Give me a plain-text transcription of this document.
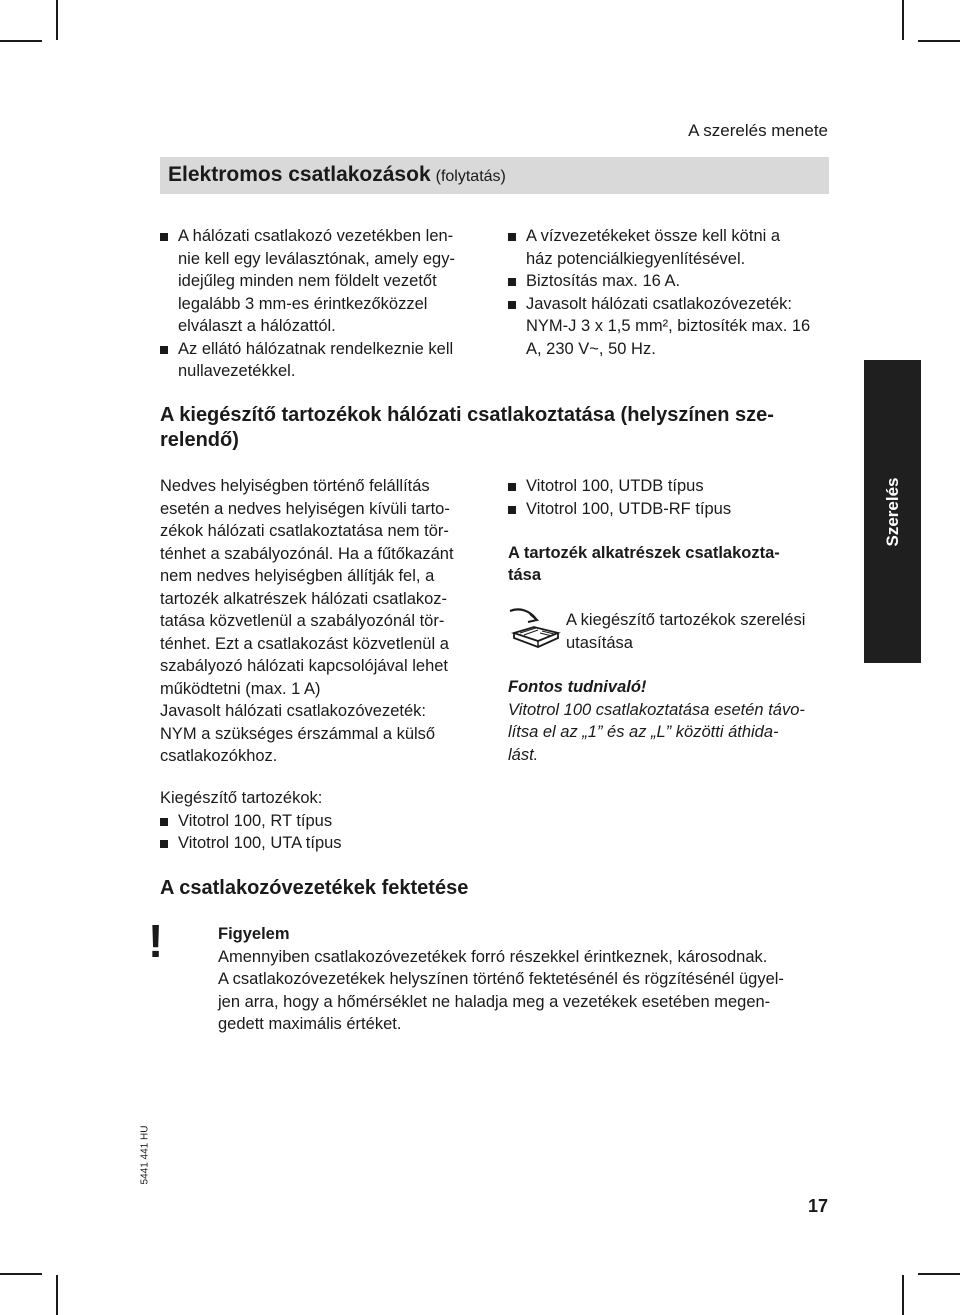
A szerelés menete
Elektromos csatlakozások (folytatás)
A hálózati csatlakozó vezetékben len-
nie kell egy leválasztónak, amely egy-
idejűleg minden nem földelt vezetőt
legalább 3 mm-es érintkezőközzel
elválaszt a hálózattól.
Az ellátó hálózatnak rendelkeznie kell
nullavezetékkel.
A vízvezetékeket össze kell kötni a
ház potenciálkiegyenlítésével.
Biztosítás max. 16 A.
Javasolt hálózati csatlakozóvezeték:
NYM-J 3 x 1,5 mm², biztosíték max. 16
A, 230 V~, 50 Hz.
A kiegészítő tartozékok hálózati csatlakoztatása (helyszínen sze-
relendő)
Nedves helyiségben történő felállítás
esetén a nedves helyiségen kívüli tarto-
zékok hálózati csatlakoztatása nem tör-
ténhet a szabályozónál. Ha a fűtőkazánt
nem nedves helyiségben állítják fel, a
tartozék alkatrészek hálózati csatlakoz-
tatása közvetlenül a szabályozónál tör-
ténhet. Ezt a csatlakozást közvetlenül a
szabályozó hálózati kapcsolójával lehet
működtetni (max. 1 A)
Javasolt hálózati csatlakozóvezeték:
NYM a szükséges érszámmal a külső
csatlakozókhoz.
Kiegészítő tartozékok:
Vitotrol 100, RT típus
Vitotrol 100, UTA típus
Vitotrol 100, UTDB típus
Vitotrol 100, UTDB-RF típus
A tartozék alkatrészek csatlakozta-
tása
A kiegészítő tartozékok szerelési
utasítása
Fontos tudnivaló!
Vitotrol 100 csatlakoztatása esetén távo-
lítsa el az „1” és az „L” közötti áthida-
lást.
A csatlakozóvezetékek fektetése
!	Figyelem
Amennyiben csatlakozóvezetékek forró részekkel érintkeznek, károsodnak.
A csatlakozóvezetékek helyszínen történő fektetésénél és rögzítésénél ügyel-
jen arra, hogy a hőmérséklet ne haladja meg a vezetékek esetében megen-
gedett maximális értéket.
Szerelés
5441 441 HU
17
